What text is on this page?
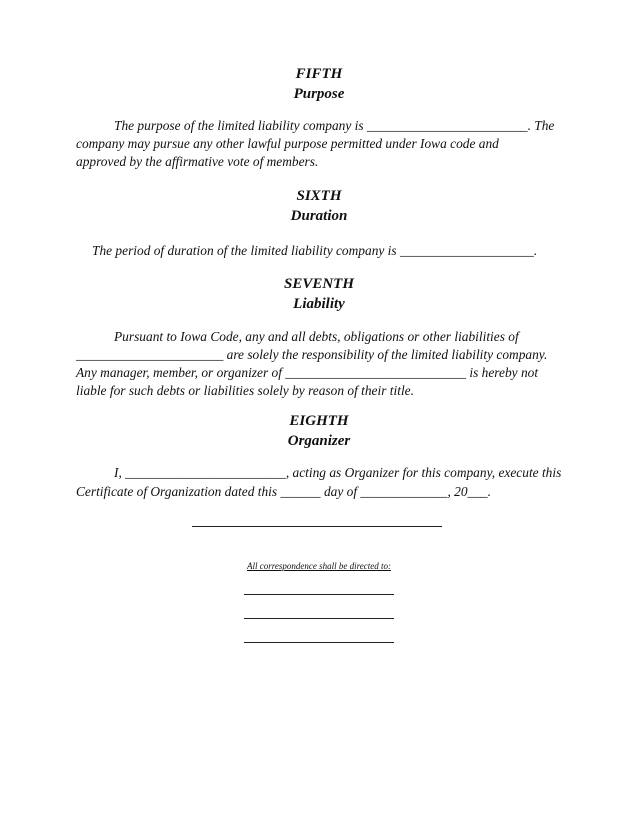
FIFTH
Purpose
The purpose of the limited liability company is ________________________. The
company may pursue any other lawful purpose permitted under Iowa code and
approved by the affirmative vote of members.
SIXTH
Duration
The period of duration of the limited liability company is ____________________.
SEVENTH
Liability
Pursuant to Iowa Code, any and all debts, obligations or other liabilities of
______________________ are solely the responsibility of the limited liability company.
Any manager, member, or organizer of ___________________________ is hereby not
liable for such debts or liabilities solely by reason of their title.
EIGHTH
Organizer
I, ________________________, acting as Organizer for this company, execute this
Certificate of Organization dated this ______ day of _____________, 20___.
All correspondence shall be directed to:
